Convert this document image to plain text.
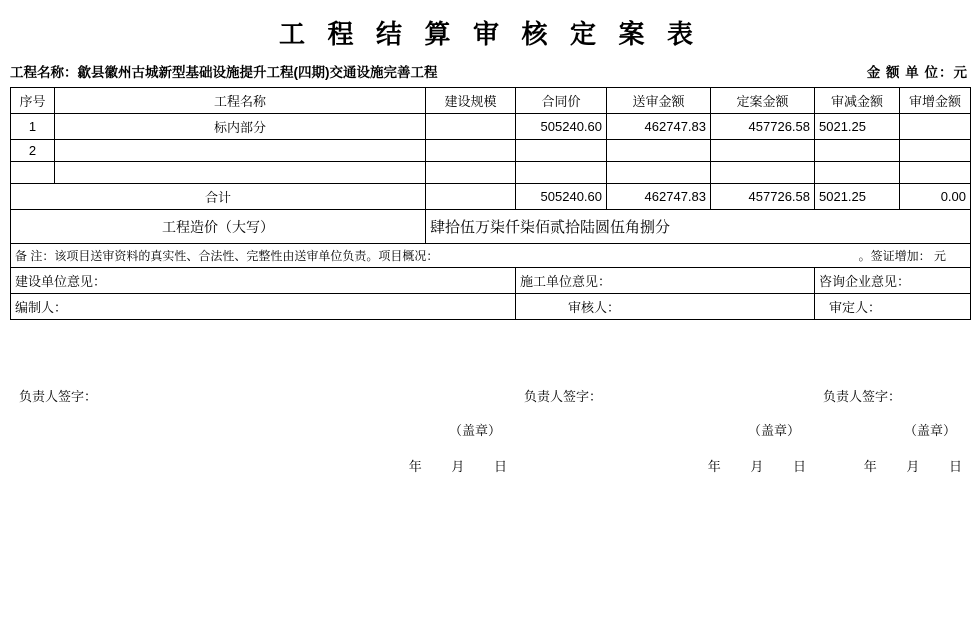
工 程 结 算 审 核 定 案 表
工程名称：歙县徽州古城新型基础设施提升工程(四期)交通设施完善工程	金 额 单 位：元
序号	工程名称	建设规模	合同价	送审金额	定案金额	审减金额	审增金额
1	标内部分		505240.60	462747.83	457726.58	5021.25	
2							

合计			505240.60	462747.83	457726.58	5021.25	0.00
工程造价（大写）		肆拾伍万柒仟柒佰贰拾陆圆伍角捌分					

备 注：该项目送审资料的真实性、合法性、完整性由送审单位负责。项目概况： 。签证增加： 元							

建设单位意见：
负责人签字：
（盖章）
年 月 日

施工单位意见：
负责人签字：
（盖章）
年 月 日

咨询企业意见：
负责人签字：
（盖章）
年 月 日

编制人：			审核人：			审定人：	
